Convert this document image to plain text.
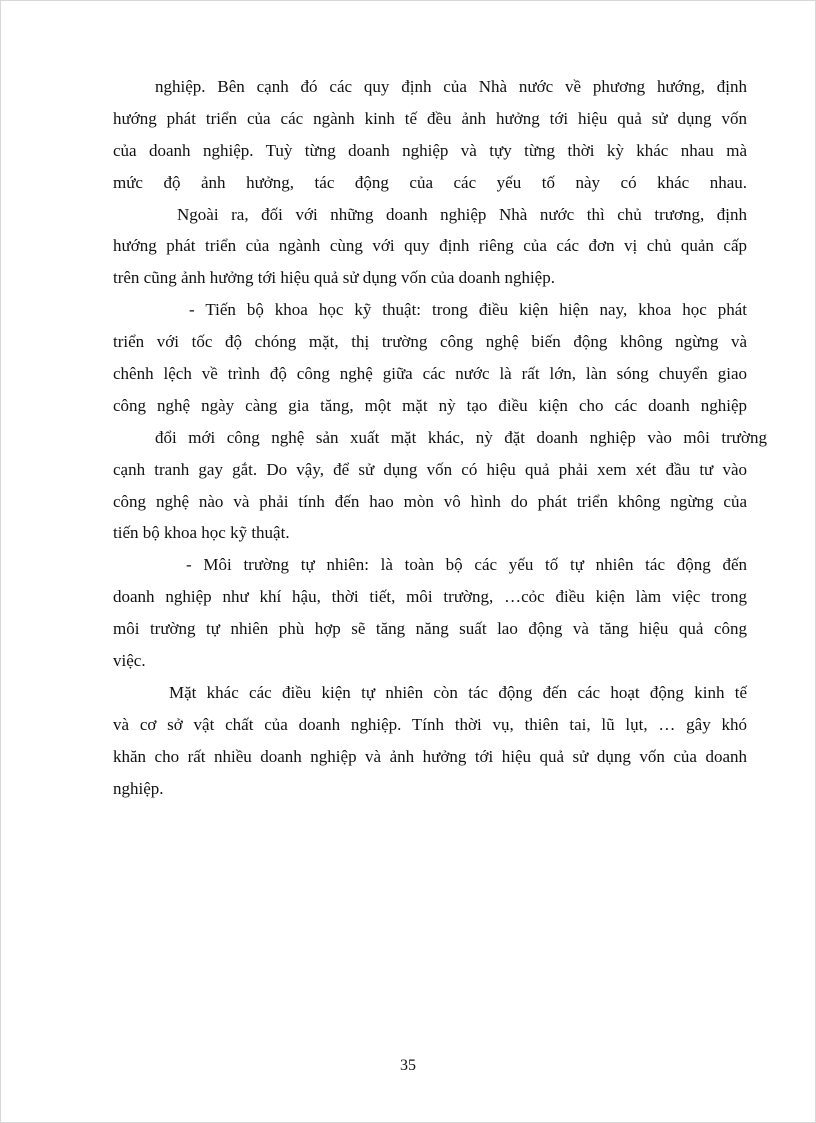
nghiệp. Bên cạnh đó các quy định của Nhà nước về phương hướng, định
hướng phát triển của các ngành kinh tế đều ảnh hưởng tới hiệu quả sử dụng vốn
của doanh nghiệp. Tuỳ từng doanh nghiệp và tựy từng thời kỳ khác nhau mà
mức độ ảnh hưởng, tác động của các yếu tố này có khác nhau.
Ngoài ra, đối với những doanh nghiệp Nhà nước thì chủ trương, định
hướng phát triển của ngành cùng với quy định riêng của các đơn vị chủ quản cấp
trên cũng ảnh hưởng tới hiệu quả sử dụng vốn của doanh nghiệp.
- Tiến bộ khoa học kỹ thuật: trong điều kiện hiện nay, khoa học phát
triển với tốc độ chóng mặt, thị trường công nghệ biến động không ngừng và
chênh lệch về trình độ công nghệ giữa các nước là rất lớn, làn sóng chuyển giao
công nghệ ngày càng gia tăng, một mặt nỳ tạo điều kiện cho các doanh nghiệp
đổi mới công nghệ sản xuất mặt khác, nỳ đặt doanh nghiệp vào môi trường
cạnh tranh gay gắt. Do vậy, để sử dụng vốn có hiệu quả phải xem xét đầu tư vào
công nghệ nào và phải tính đến hao mòn vô hình do phát triển không ngừng của
tiến bộ khoa học kỹ thuật.
- Môi trường tự nhiên: là toàn bộ các yếu tố tự nhiên tác động đến
doanh nghiệp như khí hậu, thời tiết, môi trường, …cỏc điều kiện làm việc trong
môi trường tự nhiên phù hợp sẽ tăng năng suất lao động và tăng hiệu quả công
việc.
Mặt khác các điều kiện tự nhiên còn tác động đến các hoạt động kinh tế
và cơ sở vật chất của doanh nghiệp. Tính thời vụ, thiên tai, lũ lụt, … gây khó
khăn cho rất nhiều doanh nghiệp và ảnh hưởng tới hiệu quả sử dụng vốn của doanh
nghiệp.
35
